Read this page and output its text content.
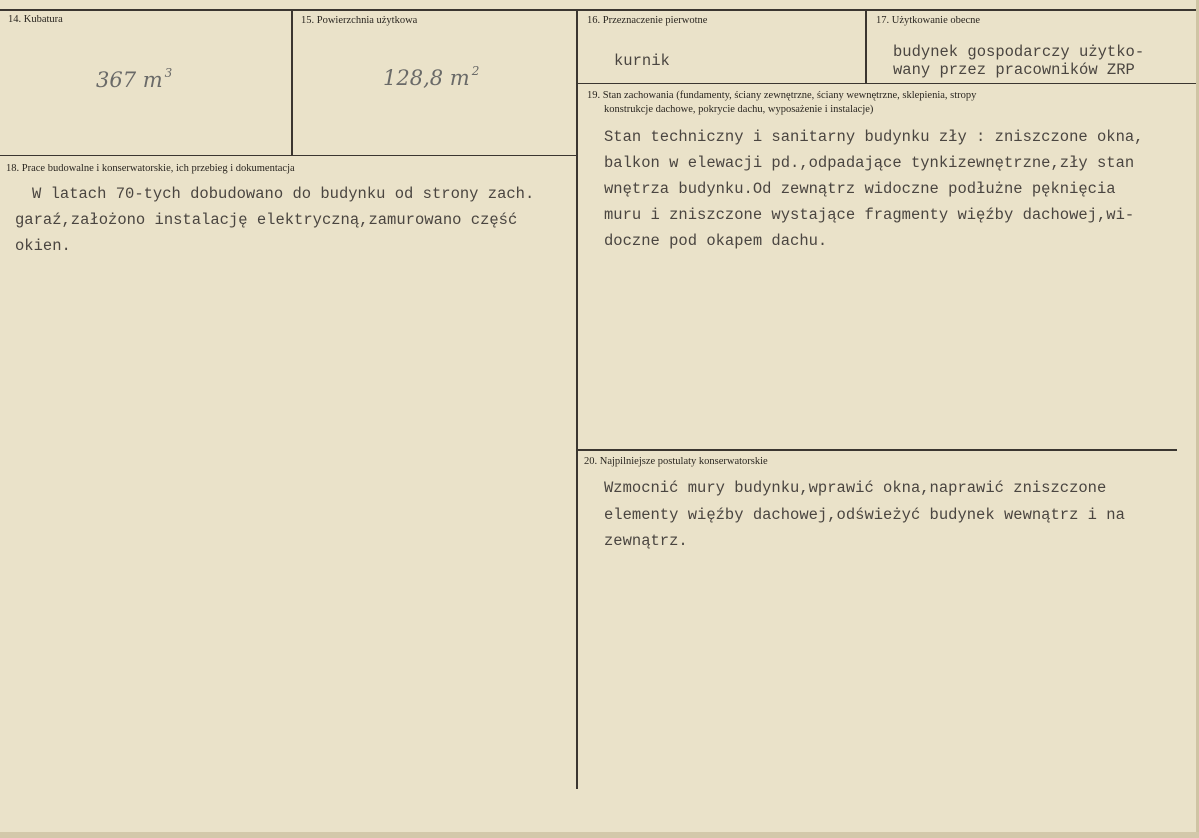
14. Kubatura
367 m $^3$
15. Powierzchnia użytkowa
128,8 m $^2$
16. Przeznaczenie pierwotne
kurnik
17. Użytkowanie obecne
budynek gospodarczy użytko-
wany przez pracowników ZRP
18. Prace budowalne i konserwatorskie, ich przebieg i dokumentacja
W latach 70-tych dobudowano do budynku od strony zach.
garaź,założono instalację elektryczną,zamurowano część
okien.
19. Stan zachowania (fundamenty, ściany zewnętrzne, ściany wewnętrzne, sklepienia, stropy
konstrukcje dachowe, pokrycie dachu, wyposażenie i instalacje)
Stan techniczny i sanitarny budynku zły : zniszczone okna,
balkon w elewacji pd.,odpadające tynkizewnętrzne,zły stan
wnętrza budynku.Od zewnątrz widoczne podłużne pęknięcia
muru i zniszczone wystające fragmenty więźby dachowej,wi-
doczne pod okapem dachu.
20. Najpilniejsze postulaty konserwatorskie
Wzmocnić mury budynku,wprawić okna,naprawić zniszczone
elementy więźby dachowej,odświeżyć budynek wewnątrz i na
zewnątrz.
